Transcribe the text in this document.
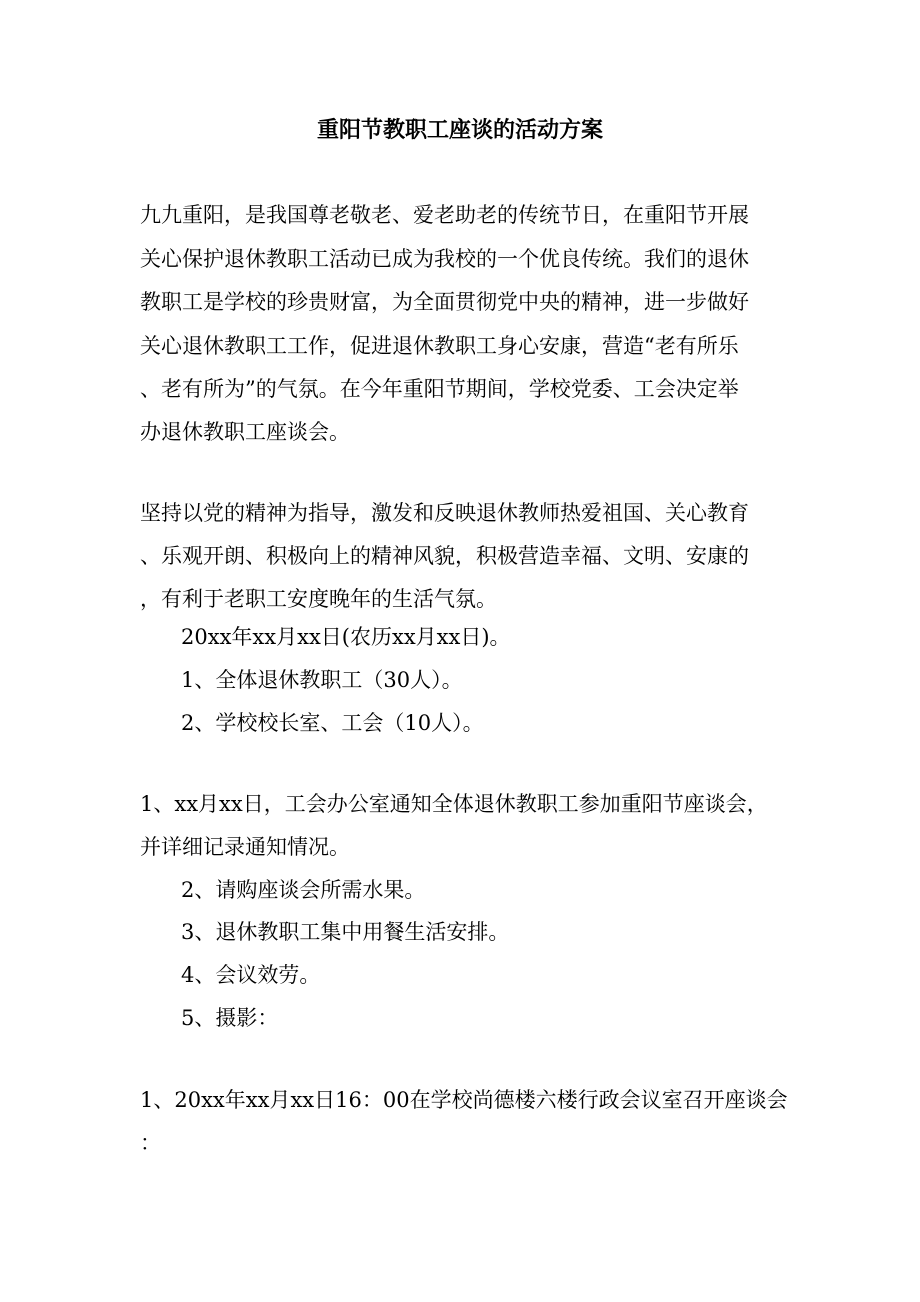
重阳节教职工座谈的活动方案
九九重阳，是我国尊老敬老、爱老助老的传统节日，在重阳节开展
关心保护退休教职工活动已成为我校的一个优良传统。我们的退休
教职工是学校的珍贵财富，为全面贯彻党中央的精神，进一步做好
关心退休教职工工作，促进退休教职工身心安康，营造“老有所乐
、老有所为”的气氛。在今年重阳节期间，学校党委、工会决定举
办退休教职工座谈会。
坚持以党的精神为指导，激发和反映退休教师热爱祖国、关心教育
、乐观开朗、积极向上的精神风貌，积极营造幸福、文明、安康的
，有利于老职工安度晚年的生活气氛。
20xx年xx月xx日(农历xx月xx日)。
1、全体退休教职工（30人）。
2、学校校长室、工会（10人）。
1、xx月xx日，工会办公室通知全体退休教职工参加重阳节座谈会，
并详细记录通知情况。
2、请购座谈会所需水果。
3、退休教职工集中用餐生活安排。
4、会议效劳。
5、摄影：
1、20xx年xx月xx日16：00在学校尚德楼六楼行政会议室召开座谈会
：
